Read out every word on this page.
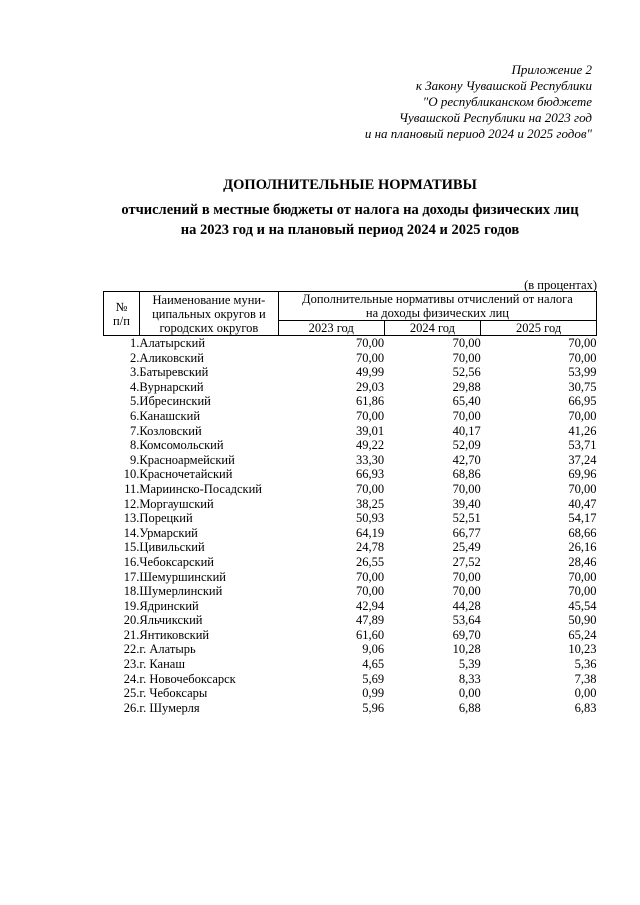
Приложение 2
к Закону Чувашской Республики
"О республиканском бюджете
Чувашской Республики на 2023 год
и на плановый период 2024 и 2025 годов"
ДОПОЛНИТЕЛЬНЫЕ НОРМАТИВЫ
отчислений в местные бюджеты от налога на доходы физических лиц
на 2023 год и на плановый период 2024 и 2025 годов
(в процентах)
№
п/п	Наименование муни-
ципальных округов и
городских округов	Дополнительные нормативы отчислений от налога
на доходы физических лиц		
		2023 год	2024 год	2025 год
1.	Алатырский	70,00	70,00	70,00
2.	Аликовский	70,00	70,00	70,00
3.	Батыревский	49,99	52,56	53,99
4.	Вурнарский	29,03	29,88	30,75
5.	Ибресинский	61,86	65,40	66,95
6.	Канашский	70,00	70,00	70,00
7.	Козловский	39,01	40,17	41,26
8.	Комсомольский	49,22	52,09	53,71
9.	Красноармейский	33,30	42,70	37,24
10.	Красночетайский	66,93	68,86	69,96
11.	Мариинско-Посадский	70,00	70,00	70,00
12.	Моргаушский	38,25	39,40	40,47
13.	Порецкий	50,93	52,51	54,17
14.	Урмарский	64,19	66,77	68,66
15.	Цивильский	24,78	25,49	26,16
16.	Чебоксарский	26,55	27,52	28,46
17.	Шемуршинский	70,00	70,00	70,00
18.	Шумерлинский	70,00	70,00	70,00
19.	Ядринский	42,94	44,28	45,54
20.	Яльчикский	47,89	53,64	50,90
21.	Янтиковский	61,60	69,70	65,24
22.	г. Алатырь	9,06	10,28	10,23
23.	г. Канаш	4,65	5,39	5,36
24.	г. Новочебоксарск	5,69	8,33	7,38
25.	г. Чебоксары	0,99	0,00	0,00
26.	г. Шумерля	5,96	6,88	6,83
